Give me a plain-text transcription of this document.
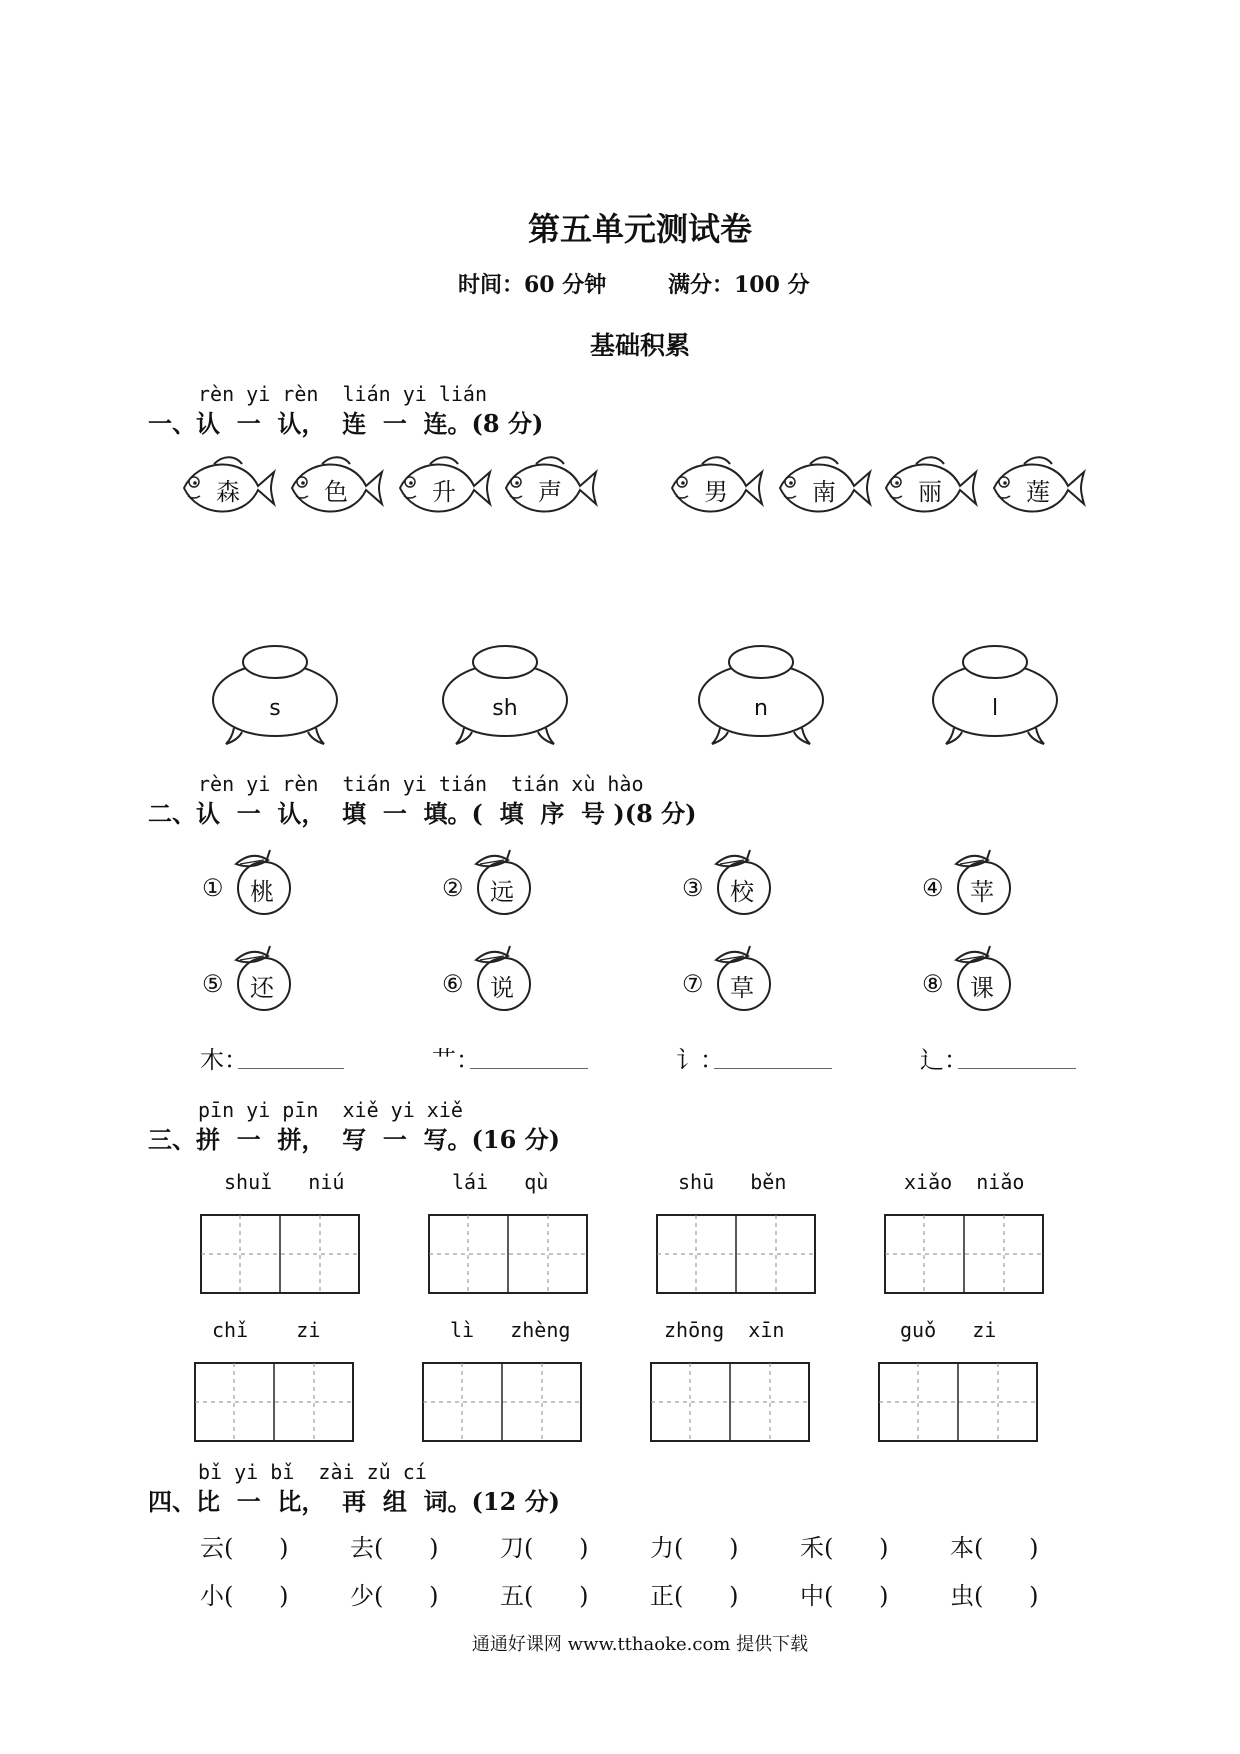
第五单元测试卷
时间：60 分钟	满分：100 分
基础积累
rèn yi rèn  lián yi lián
一、认  一  认，  连  一  连。(8 分)
森	色	升	声	男	南	丽	莲
s	sh	n	l
rèn yi rèn  tián yi tián  tián xù hào
二、认  一  认，  填  一  填。(  填  序  号 )(8 分)
①	桃	②	远	③	校	④	苹
⑤	还	⑥	说	⑦	草	⑧	课
木：	艹：	讠：	辶：
pīn yi pīn  xiě yi xiě
三、拼  一  拼，  写  一  写。(16 分)
shuǐ   niú	lái   qù	shū   běn	xiǎo  niǎo
chǐ    zi	lì   zhèng	zhōng  xīn	guǒ   zi
bǐ yi bǐ  zài zǔ cí
四、比  一  比，  再  组  词。(12 分)
云(      )	去(      )	刀(      )	力(      )	禾(      )	本(      )
小(      )	少(      )	五(      )	正(      )	中(      )	虫(      )
通通好课网 www.tthaoke.com 提供下载
